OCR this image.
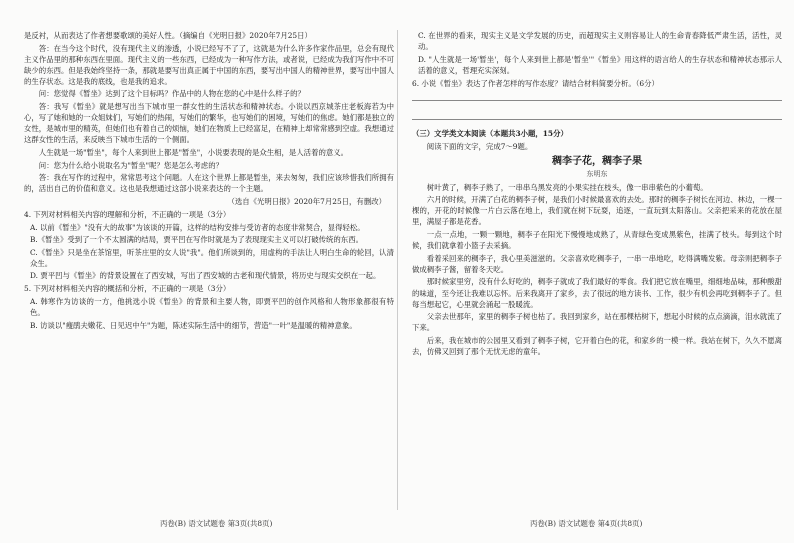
是反衬，从而表达了作者想要歌颂的美好人性。（摘编自《光明日报》2020年7月25日）

答：在当今这个时代，没有现代主义的渗透，小说已经写不了了，这就是为什么许多作家作品里，总会有现代主义作品里的那种东西在里面。现代主义的一些东西，已经成为一种写作方法，或者说，已经成为我们写作中不可缺少的东西。但是我始终坚持一条，那就是要写出真正属于中国的东西，要写出中国人的精神世界，要写出中国人的生存状态。这是我的底线，也是我的追求。

问：您觉得《暂坐》达到了这个目标吗？作品中的人物在您的心中是什么样子的？

答：我写《暂坐》就是想写出当下城市里一群女性的生活状态和精神状态。小说以西京城茶庄老板海若为中心，写了她和她的一众姐妹们，写她们的热闹，写她们的繁华，也写她们的困境，写她们的焦虑。她们都是独立的女性，是城市里的精英，但她们也有着自己的烦恼，她们在物质上已经富足，在精神上却常常感到空虚。我想通过这群女性的生活，来反映当下城市生活的一个侧面。

人生就是一场"暂坐"，每个人来到世上都是"暂坐"，小说要表现的是众生相，是人活着的意义。

问：您为什么给小说取名为"暂坐"呢？您是怎么考虑的？

答：我在写作的过程中，常常思考这个问题。人在这个世界上都是暂坐，来去匆匆，我们应该珍惜我们所拥有的，活出自己的价值和意义。这也是我想通过这部小说来表达的一个主题。

（选自《光明日报》2020年7月25日，有删改）

4. 下列对材料相关内容的理解和分析，不正确的一项是（3分）

A. 以前《暂坐》"没有大的故事"为该谈的开篇，这样的结构安排与受访者的态度非常契合，显得轻松。

B.《暂坐》受到了一个不太圆满的结局，贾平凹在写作时就是为了表现现实主义可以打破传统的东西。

C.《暂坐》只是坐在茶馆里，听茶庄里的女人说"我"。他们所谈到的，用虚构的手法让人明白生命的轮回，认清众生。

D. 贾平凹与《暂坐》的背景设置在了西安城，写出了西安城的古老和现代情景，将历史与现实交织在一起。

5. 下列对材料相关内容的概括和分析，不正确的一项是（3分）

A. 韩寒作为访谈的一方，他挑选小说《暂坐》的背景和主要人物，即贾平凹的创作风格和人物形象都很有特色。

B. 访谈以"瘦鹃夫嫩花、日见迟中午"为题，陈述实际生活中的细节，营造"一叶"是温暖的精神意象。

C. 在世界的看来，现实主义是文学发展的历史，而超现实主义则容易让人的生命青春降低严肃生活，活性，灵动。

D. "人生就是一场'暂坐'，每个人来到世上都是'暂坐'"《暂坐》用这样的语言给人的生存状态和精神状态那示人活着的意义，哲理充实深刻。

6. 小说《暂坐》表达了作者怎样的写作态度？请结合材料简要分析。（6分）

（三）文学类文本阅读（本题共3小题，15分）

阅读下面的文字，完成7～9题。

稠李子花，稠李子果

东明东

树叶黄了，稠李子熟了，一串串乌黑发亮的小果实挂在枝头，像一串串紫色的小葡萄。

六月的时候，开满了白花的稠李子树，是我们小时候最喜欢的去处。那时的稠李子树长在河边、林边，一棵一棵的，开花的时候像一片白云落在地上，我们就在树下玩耍，追逐，一直玩到太阳落山。父亲把采来的花放在屋里，满屋子都是花香。

一点一点地，一颗一颗地，稠李子在阳光下慢慢地成熟了，从青绿色变成黑紫色，挂满了枝头。每到这个时候，我们就拿着小篮子去采摘。

看着采回来的稠李子，我心里美滋滋的。父亲喜欢吃稠李子，一串一串地吃，吃得满嘴发紫。母亲则把稠李子做成稠李子酱，留着冬天吃。

那时候家里穷，没有什么好吃的，稠李子就成了我们最好的零食。我们把它放在嘴里，细细地品味，那种酸甜的味道，至今还让我难以忘怀。后来我离开了家乡，去了很远的地方读书、工作，很少有机会再吃到稠李子了。但每当想起它，心里就会涌起一股暖流。

父亲去世那年，家里的稠李子树也枯了。我回到家乡，站在那棵枯树下，想起小时候的点点滴滴，泪水就流了下来。

后来，我在城市的公园里又看到了稠李子树，它开着白色的花，和家乡的一模一样。我站在树下，久久不愿离去，仿佛又回到了那个无忧无虑的童年。

丙卷(B) 语文试题卷 第3页(共8页)	丙卷(B) 语文试题卷 第4页(共8页)
